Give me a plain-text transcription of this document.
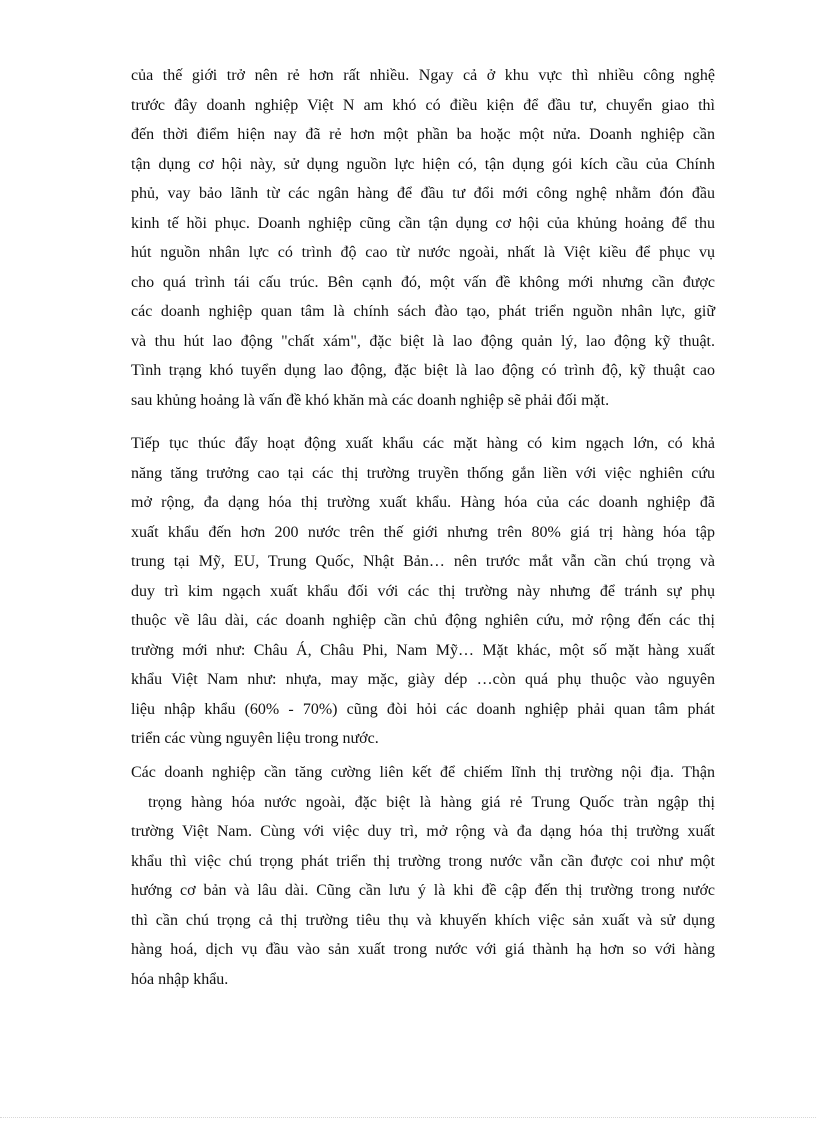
của thế giới trở nên rẻ hơn rất nhiều. Ngay cả ở khu vực thì nhiều công nghệ
trước đây doanh nghiệp Việt N am khó có điều kiện để đầu tư, chuyển giao thì
đến thời điểm hiện nay đã rẻ hơn một phần ba hoặc một nửa. Doanh nghiệp cần
tận dụng cơ hội này, sử dụng nguồn lực hiện có, tận dụng gói kích cầu của Chính
phủ, vay bảo lãnh từ các ngân hàng để đầu tư đổi mới công nghệ nhằm đón đầu
kinh tế hồi phục. Doanh nghiệp cũng cần tận dụng cơ hội của khủng hoảng để thu
hút nguồn nhân lực có trình độ cao từ nước ngoài, nhất là Việt kiều để phục vụ
cho quá trình tái cấu trúc. Bên cạnh đó, một vấn đề không mới nhưng cần được
các doanh nghiệp quan tâm là chính sách đào tạo, phát triển nguồn nhân lực, giữ
và thu hút lao động "chất xám", đặc biệt là lao động quản lý, lao động kỹ thuật.
Tình trạng khó tuyển dụng lao động, đặc biệt là lao động có trình độ, kỹ thuật cao
sau khủng hoảng là vấn đề khó khăn mà các doanh nghiệp sẽ phải đối mặt.
Tiếp tục thúc đẩy hoạt động xuất khẩu các mặt hàng có kim ngạch lớn, có khả
năng tăng trưởng cao tại các thị trường truyền thống gắn liền với việc nghiên cứu
mở rộng, đa dạng hóa thị trường xuất khẩu. Hàng hóa của các doanh nghiệp đã
xuất khẩu đến hơn 200 nước trên thế giới nhưng trên 80% giá trị hàng hóa tập
trung tại Mỹ, EU, Trung Quốc, Nhật Bản… nên trước mắt vẫn cần chú trọng và
duy trì kim ngạch xuất khẩu đối với các thị trường này nhưng để tránh sự phụ
thuộc về lâu dài, các doanh nghiệp cần chủ động nghiên cứu, mở rộng đến các thị
trường mới như: Châu Á, Châu Phi, Nam Mỹ… Mặt khác, một số mặt hàng xuất
khẩu Việt Nam như: nhựa, may mặc, giày dép …còn quá phụ thuộc vào nguyên
liệu nhập khẩu (60% - 70%) cũng đòi hỏi các doanh nghiệp phải quan tâm phát
triển các vùng nguyên liệu trong nước.
Các doanh nghiệp cần tăng cường liên kết để chiếm lĩnh thị trường nội địa. Thận
trọng hàng hóa nước ngoài, đặc biệt là hàng giá rẻ Trung Quốc tràn ngập thị
trường Việt Nam. Cùng với việc duy trì, mở rộng và đa dạng hóa thị trường xuất
khẩu thì việc chú trọng phát triển thị trường trong nước vẫn cần được coi như một
hướng cơ bản và lâu dài. Cũng cần lưu ý là khi đề cập đến thị trường trong nước
thì cần chú trọng cả thị trường tiêu thụ và khuyến khích việc sản xuất và sử dụng
hàng hoá, dịch vụ đầu vào sản xuất trong nước với giá thành hạ hơn so với hàng
hóa nhập khẩu.
